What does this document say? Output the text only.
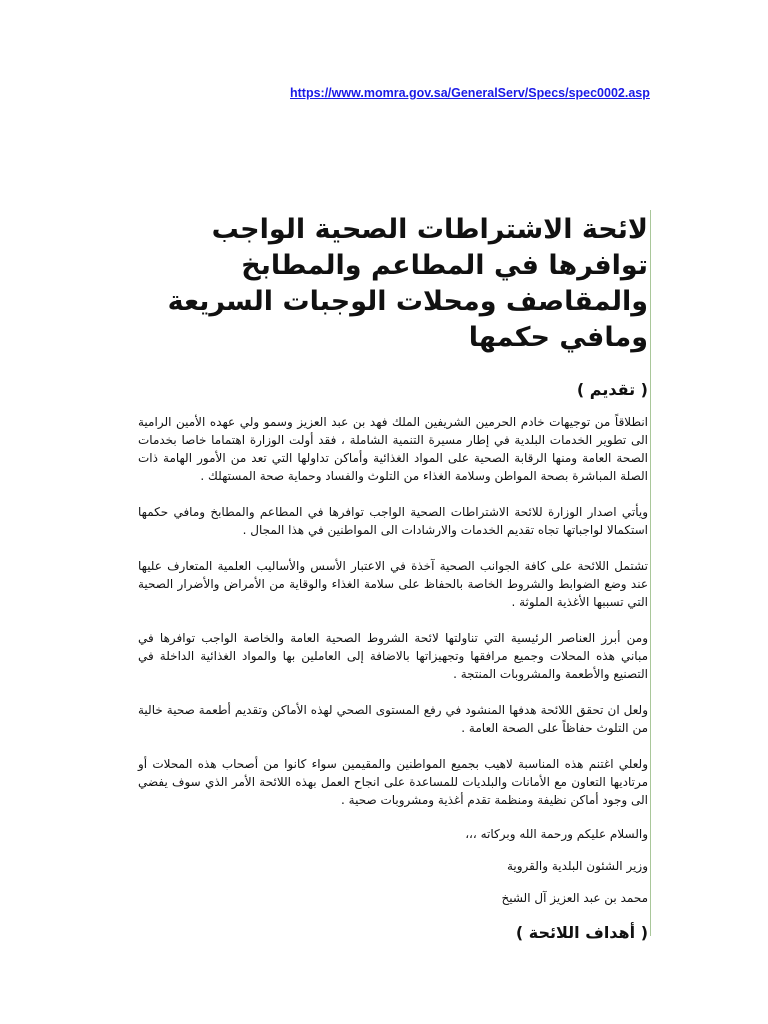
https://www.momra.gov.sa/GeneralServ/Specs/spec0002.asp
لائحة الاشتراطات الصحية الواجب توافرها في المطاعم والمطابخ والمقاصف ومحلات الوجبات السريعة ومافي حكمها
( تقديم )

انطلاقاً من توجيهات خادم الحرمين الشريفين الملك فهد بن عبد العزيز وسمو ولي عهده الأمين الرامية الى تطوير الخدمات البلدية في إطار مسيرة التنمية الشاملة ، فقد أولت الوزارة اهتماما خاصا بخدمات الصحة العامة ومنها الرقابة الصحية على المواد الغذائية وأماكن تداولها التي تعد من الأمور الهامة ذات الصلة المباشرة بصحة المواطن وسلامة الغذاء من التلوث والفساد وحماية صحة المستهلك .

ويأتي اصدار الوزارة للائحة الاشتراطات الصحية الواجب توافرها في المطاعم والمطابخ ومافي حكمها استكمالا لواجباتها تجاه تقديم الخدمات والارشادات الى المواطنين في هذا المجال .

تشتمل اللائحة على كافة الجوانب الصحية آخذة في الاعتبار الأسس والأساليب العلمية المتعارف عليها عند وضع الضوابط والشروط الخاصة بالحفاظ على سلامة الغذاء والوقاية من الأمراض والأضرار الصحية التي تسببها الأغذية الملوثة .

ومن أبرز العناصر الرئيسية التي تناولتها لائحة الشروط الصحية العامة والخاصة الواجب توافرها في مباني هذه المحلات وجميع مرافقها وتجهيزاتها بالاضافة إلى العاملين بها والمواد الغذائية الداخلة في التصنيع والأطعمة والمشروبات المنتجة .

ولعل ان تحقق اللائحة هدفها المنشود في رفع المستوى الصحي لهذه الأماكن وتقديم أطعمة صحية خالية من التلوث حفاظاً على الصحة العامة .

ولعلي اغتنم هذه المناسبة لاهيب بجميع المواطنين والمقيمين سواء كانوا من أصحاب هذه المحلات أو مرتاديها التعاون مع الأمانات والبلديات للمساعدة على انجاح العمل بهذه اللائحة الأمر الذي سوف يفضي الى وجود أماكن نظيفة ومنظمة تقدم أغذية ومشروبات صحية .

والسلام عليكم ورحمة الله وبركاته ،،،
وزير الشئون البلدية والقروية
محمد بن عبد العزيز آل الشيخ
( أهداف اللائحة )
